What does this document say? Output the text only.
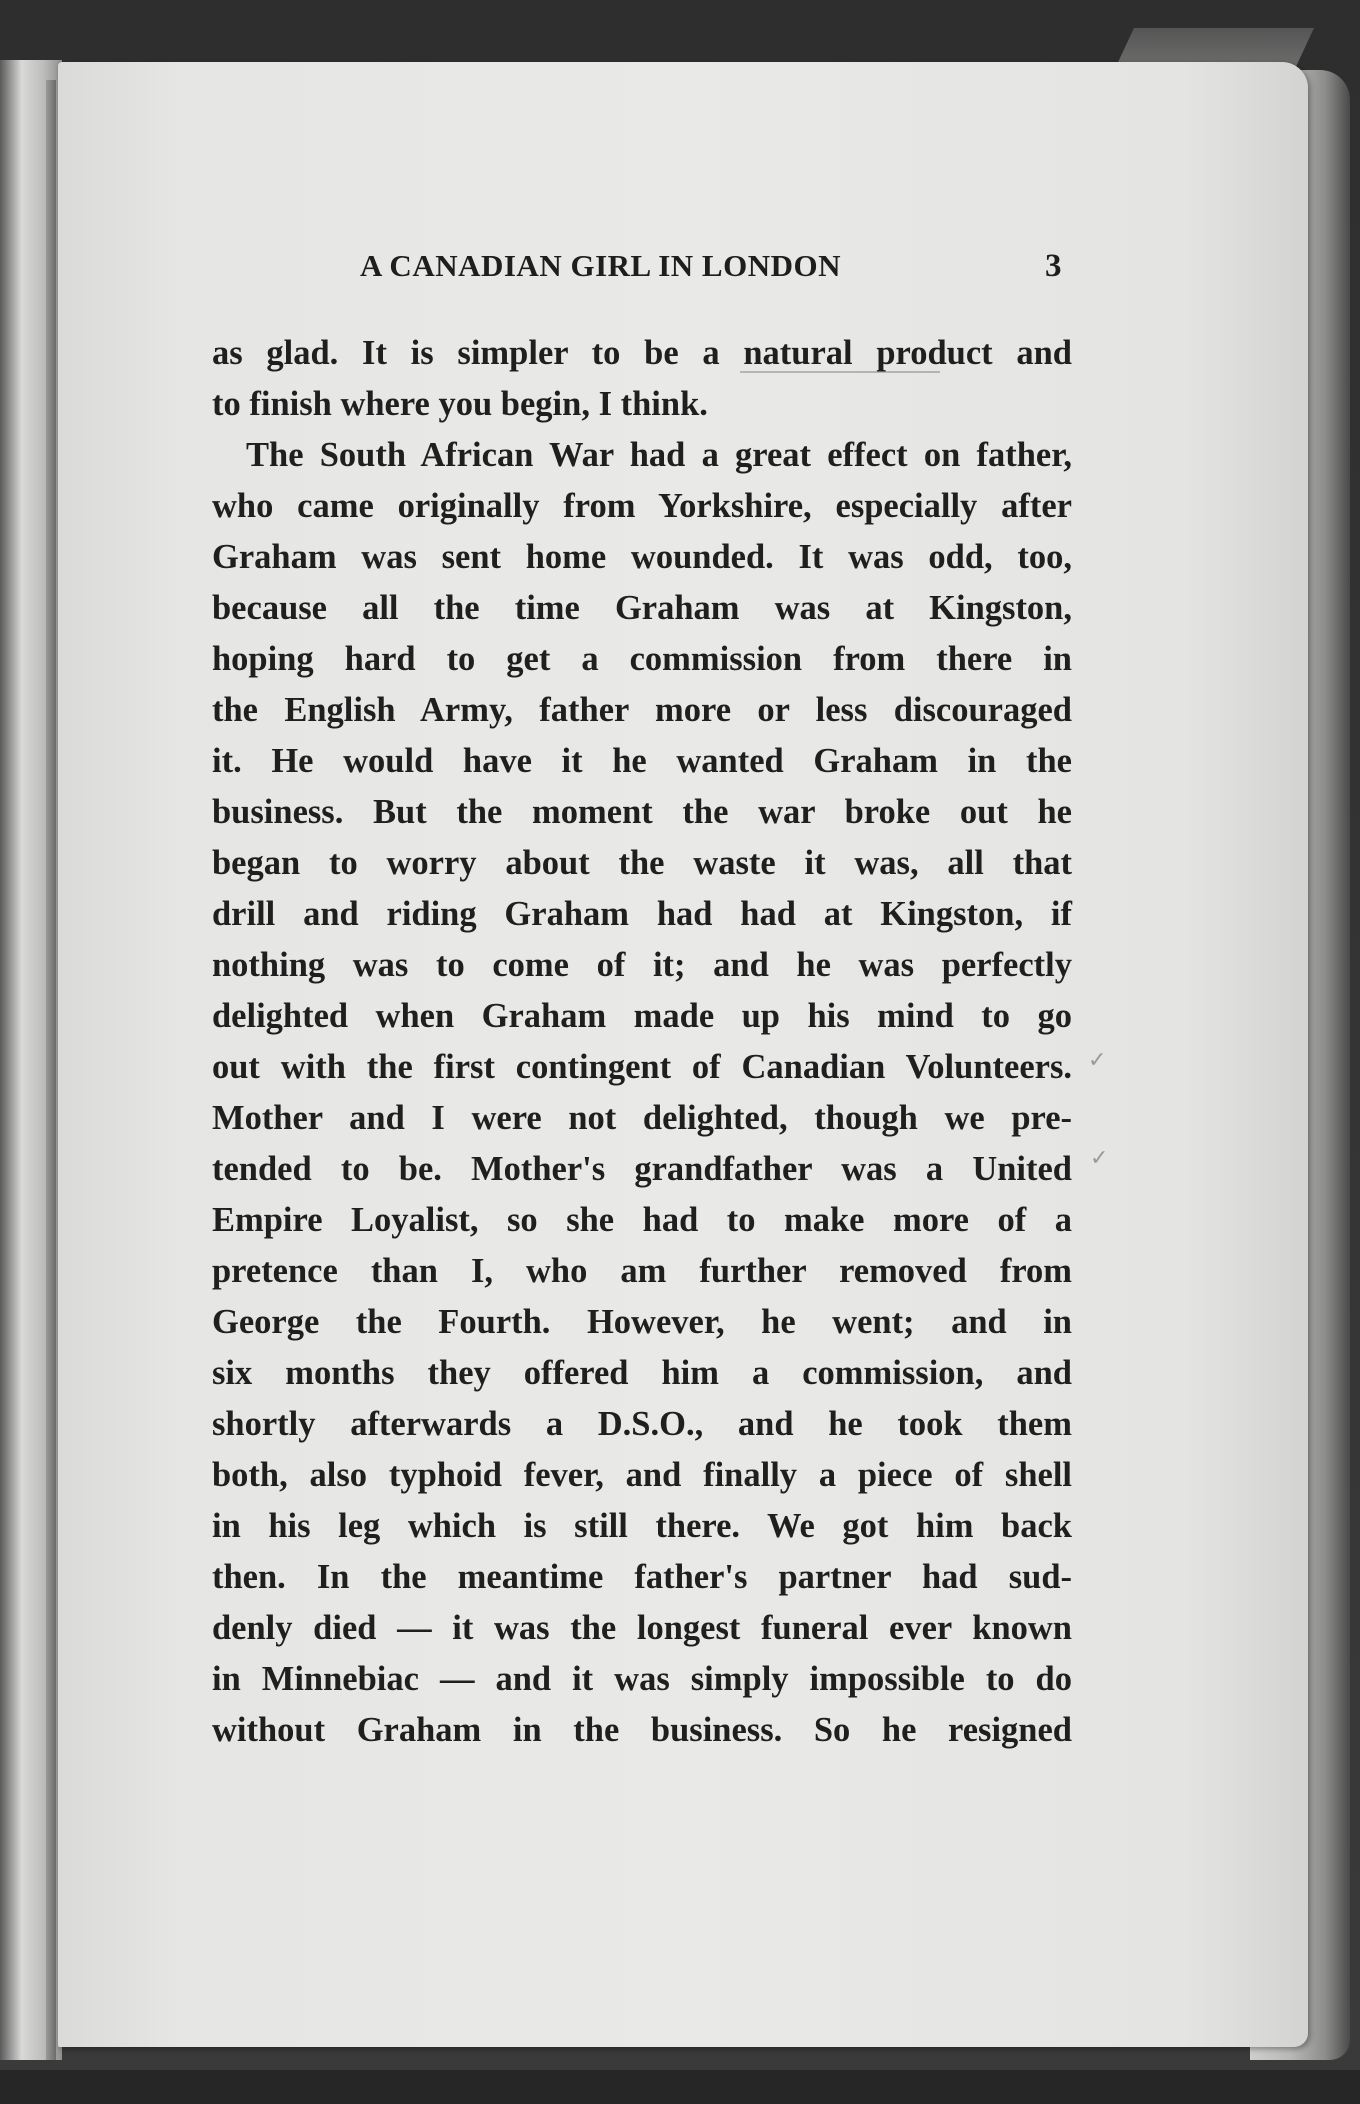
A CANADIAN GIRL IN LONDON	3
as glad. It is simpler to be a natural product and
to finish where you begin, I think.
The South African War had a great effect on father,
who came originally from Yorkshire, especially after
Graham was sent home wounded. It was odd, too,
because all the time Graham was at Kingston,
hoping hard to get a commission from there in
the English Army, father more or less discouraged
it. He would have it he wanted Graham in the
business. But the moment the war broke out he
began to worry about the waste it was, all that
drill and riding Graham had had at Kingston, if
nothing was to come of it; and he was perfectly
delighted when Graham made up his mind to go
out with the first contingent of Canadian Volunteers.
Mother and I were not delighted, though we pre-
tended to be. Mother's grandfather was a United
Empire Loyalist, so she had to make more of a
pretence than I, who am further removed from
George the Fourth. However, he went; and in
six months they offered him a commission, and
shortly afterwards a D.S.O., and he took them
both, also typhoid fever, and finally a piece of shell
in his leg which is still there. We got him back
then. In the meantime father's partner had sud-
denly died — it was the longest funeral ever known
in Minnebiac — and it was simply impossible to do
without Graham in the business. So he resigned
✓
✓
